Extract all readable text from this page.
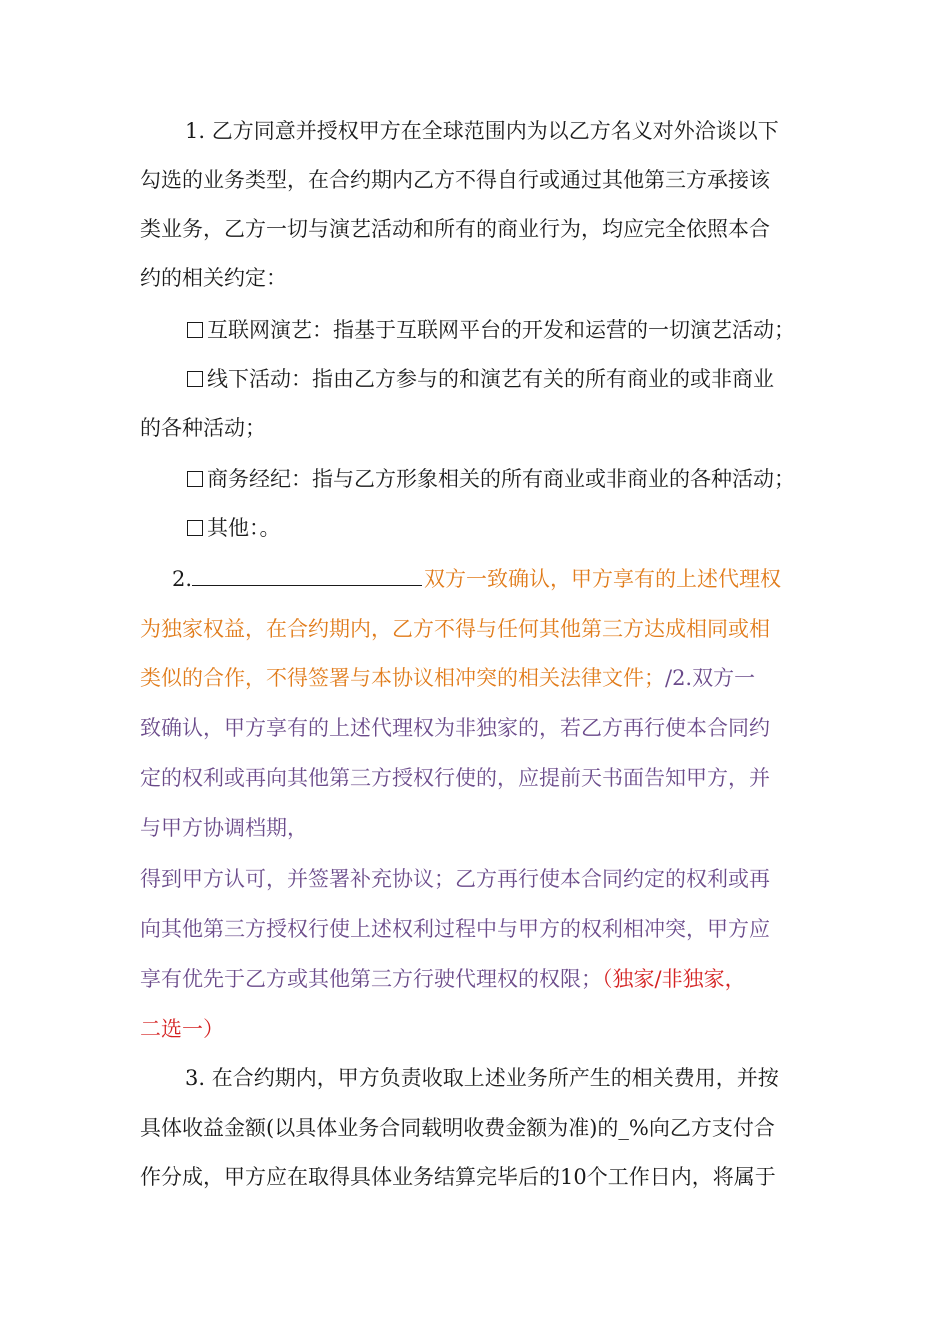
1. 乙方同意并授权甲方在全球范围内为以乙方名义对外洽谈以下

勾选的业务类型，在合约期内乙方不得自行或通过其他第三方承接该

类业务，乙方一切与演艺活动和所有的商业行为，均应完全依照本合

约的相关约定：

互联网演艺：指基于互联网平台的开发和运营的一切演艺活动；

线下活动：指由乙方参与的和演艺有关的所有商业的或非商业

的各种活动；

商务经纪：指与乙方形象相关的所有商业或非商业的各种活动；

其他：。

2.	双方一致确认，甲方享有的上述代理权

为独家权益，在合约期内，乙方不得与任何其他第三方达成相同或相

类似的合作，不得签署与本协议相冲突的相关法律文件；/2.双方一

致确认，甲方享有的上述代理权为非独家的，若乙方再行使本合同约

定的权利或再向其他第三方授权行使的，应提前天书面告知甲方，并

与甲方协调档期，

得到甲方认可，并签署补充协议；乙方再行使本合同约定的权利或再

向其他第三方授权行使上述权利过程中与甲方的权利相冲突，甲方应

享有优先于乙方或其他第三方行驶代理权的权限；（独家/非独家，

二选一）

3. 在合约期内，甲方负责收取上述业务所产生的相关费用，并按

具体收益金额(以具体业务合同载明收费金额为准)的_%向乙方支付合

作分成，甲方应在取得具体业务结算完毕后的10个工作日内，将属于
